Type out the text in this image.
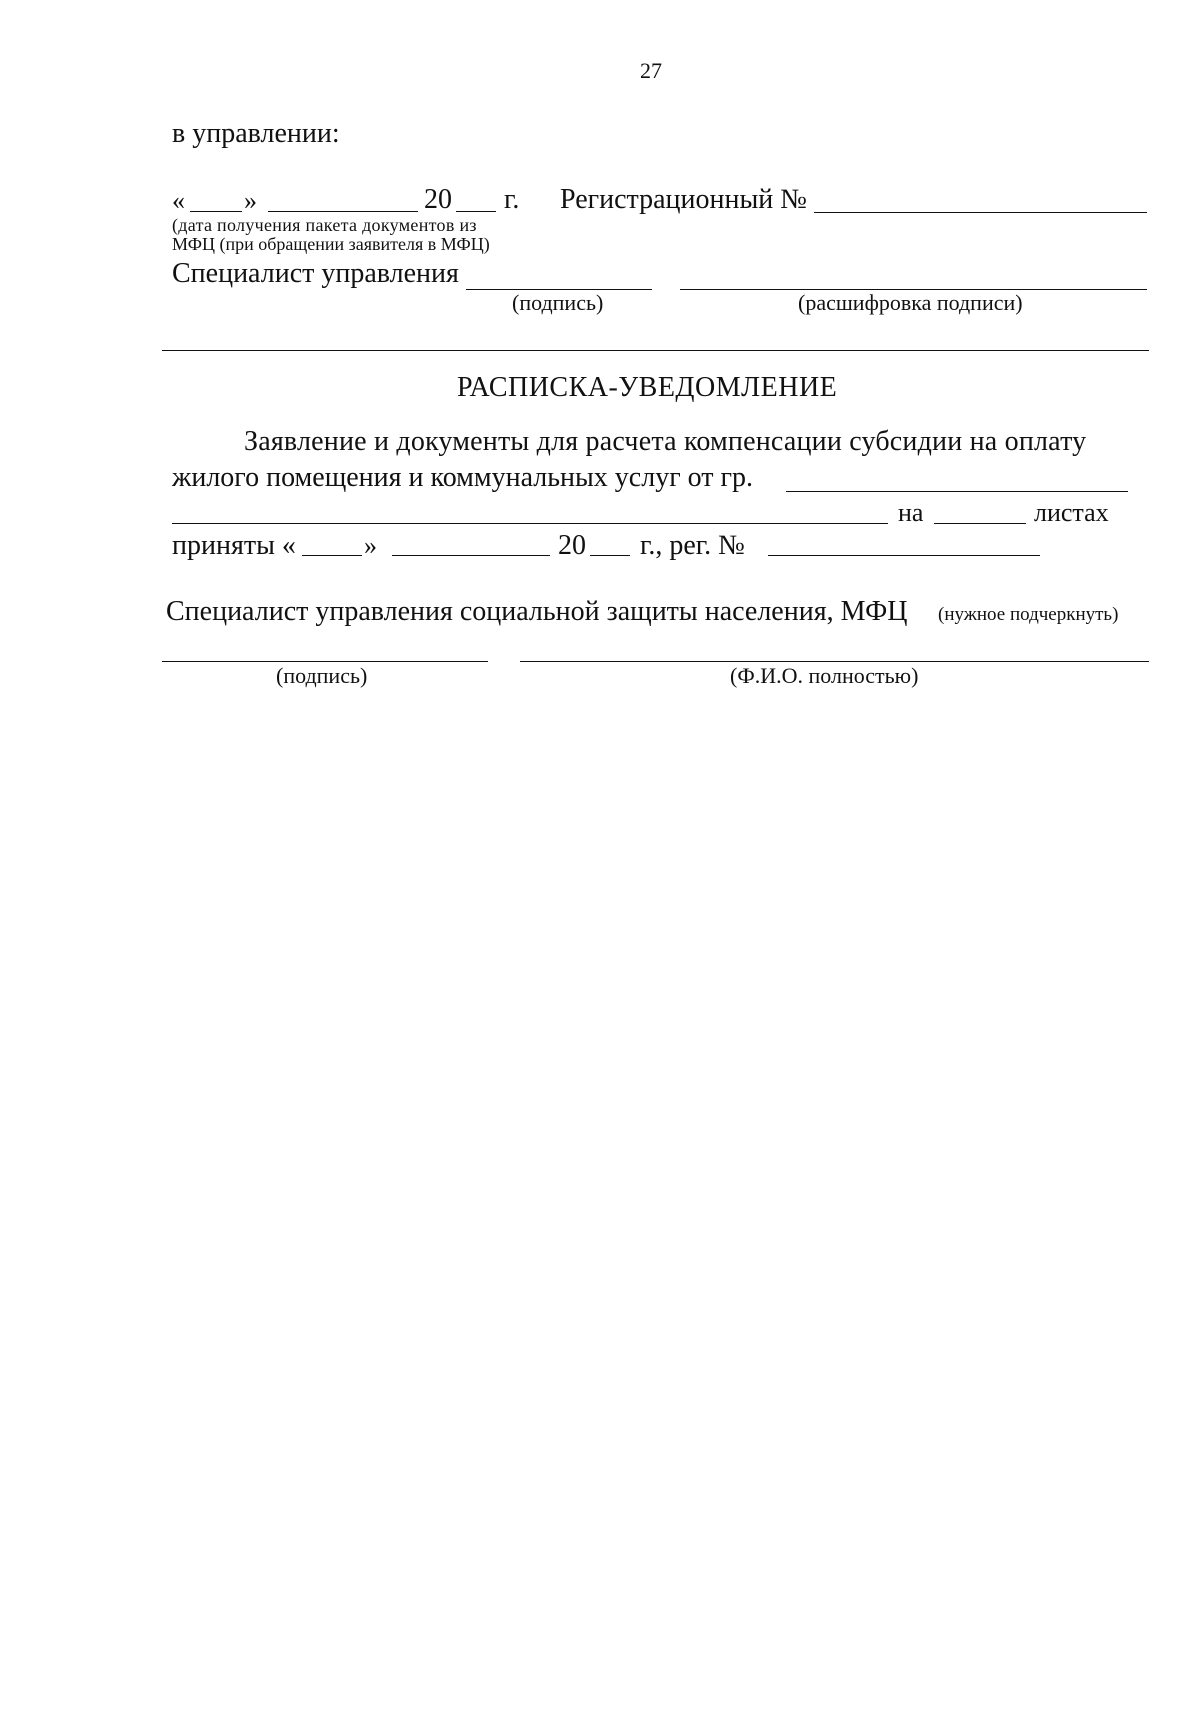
27
в управлении:
« »	20 г. Регистрационный №
(дата получения пакета документов из
МФЦ (при обращении заявителя в МФЦ)
Специалист управления
(подпись)	(расшифровка подписи)
РАСПИСКА-УВЕДОМЛЕНИЕ
Заявление и документы для расчета компенсации субсидии на оплату
жилого помещения и коммунальных услуг от гр.
на	листах
приняты «	»	20 г., рег. №
Специалист управления социальной защиты населения, МФЦ (нужное подчеркнуть)
(подпись)	(Ф.И.О. полностью)
